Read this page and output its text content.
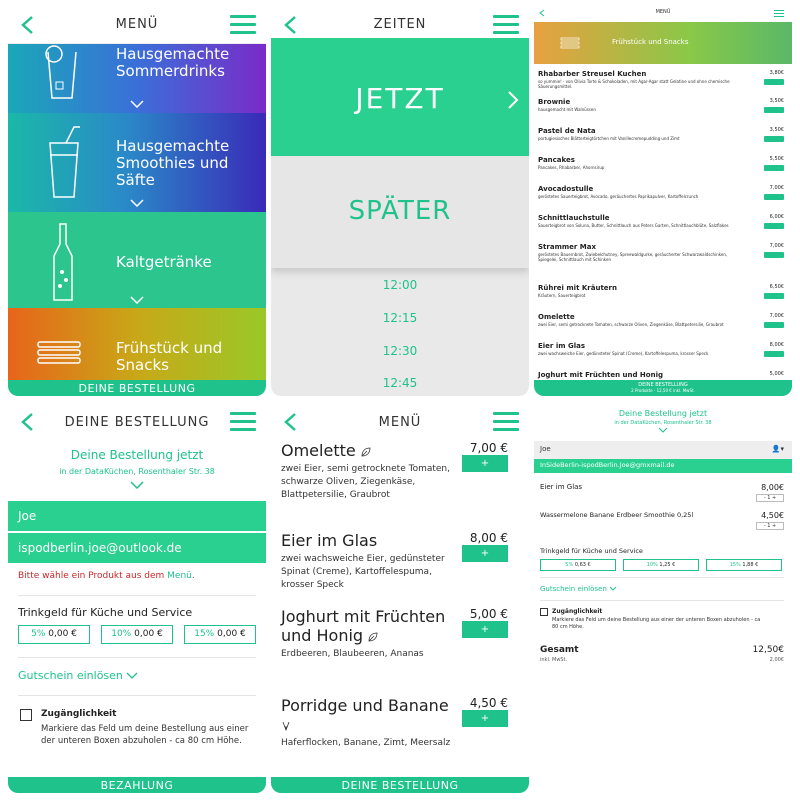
MENÜ
Hausgemachte Sommerdrinks
Hausgemachte Smoothies und Säfte
Kaltgetränke
Frühstück und Snacks
DEINE BESTELLUNG
ZEITEN
JETZT
SPÄTER
12:00
12:15
12:30
12:45
MENÜ
Frühstück und Snacks
Rhabarber Streusel Kuchen
so yummie! - von Olivia Torte & Schokoladen, mit Agar-Agar statt Gelatine und ohne chemische Säuerungsmittel.
3,80€
Brownie
hausgemacht mit Walnüssen
3,50€
Pastel de Nata
portugiesisches Blätterteigtörtchen mit Vanillecremepudding und Zimt
3,50€
Pancakes
Pancakes, Rhabarber, Ahornsirup
5,50€
Avocadostulle
geröstetes Sauerteigbrot, Avocado, geräuchertes Paprikapulver, Kartoffelcrunch
7,00€
Schnittlauchstulle
Sauerteigbrot von Soluna, Butter, Schnittlauch aus Peters Garten, Schnittlauchblüte, Salzflakes
6,00€
Strammer Max
geröstetes Bauernbrot, Zwiebelchutney, Spreewaldgurke, geräucherter Schwarzwaldschinken, Spiegelei, Schnittlauch mit Schinken
7,00€
Rührei mit Kräutern
Kräutern, Sauerteigbrot
6,50€
Omelette
zwei Eier, semi getrocknete Tomaten, schwarze Oliven, Ziegenkäse, Blattpetersilie, Graubrot
7,00€
Eier im Glas
zwei wachsweiche Eier, gedünsteter Spinat (Creme), Kartoffelespuma, krosser Speck
8,00€
Joghurt mit Früchten und Honig	5,00€
DEINE BESTELLUNG
2 Produkte · 12,50 € inkl. MwSt.
DEINE BESTELLUNG
Deine Bestellung jetzt
in der DataKüchen, Rosenthaler Str. 38
Joe
ispodberlin.joe@outlook.de
Bitte wähle ein Produkt aus dem Menü.
Trinkgeld für Küche und Service
5% 0,00 €	10% 0,00 €	15% 0,00 €
Gutschein einlösen
Zugänglichkeit
Markiere das Feld um deine Bestellung aus einer der unteren Boxen abzuholen - ca 80 cm Höhe.
BEZAHLUNG
MENÜ
Omelette
zwei Eier, semi getrocknete Tomaten, schwarze Oliven, Ziegenkäse, Blattpetersilie, Graubrot
7,00 €
+
Eier im Glas
zwei wachsweiche Eier, gedünsteter Spinat (Creme), Kartoffelespuma, krosser Speck
8,00 €
+
Joghurt mit Früchten und Honig
Erdbeeren, Blaubeeren, Ananas
5,00 €
+
Porridge und Banane
Haferflocken, Banane, Zimt, Meersalz
4,50 €
+
DEINE BESTELLUNG
Deine Bestellung jetzt
in der DataKüchen, Rosenthaler Str. 38
Joe	👤▾
InSideBerlin-ispodBerlin.Joe@gmxmail.de
Eier im Glas	8,00€
- 1 +
Wassermelone Banane Erdbeer Smoothie 0,25l	4,50€
- 1 +
Trinkgeld für Küche und Service
5% 0,63 €	10% 1,25 €	15% 1,88 €
Gutschein einlösen
Zugänglichkeit
Markiere das Feld um deine Bestellung aus einer der unteren Boxen abzuholen - ca 80 cm Höhe.
Gesamt	12,50€
inkl. MwSt.	2,00€
